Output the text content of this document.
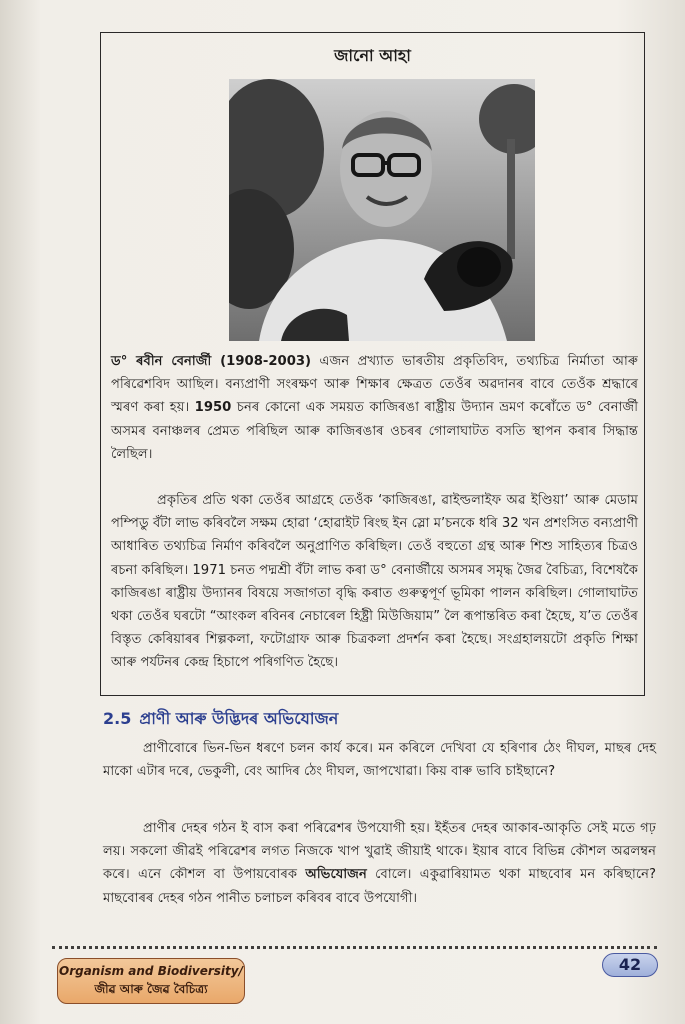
জানো আহা

ড° ৰবীন বেনাৰ্জী (1908-2003) এজন প্ৰখ্যাত ভাৰতীয় প্ৰকৃতিবিদ, তথ্যচিত্ৰ নিৰ্মাতা আৰু পৰিৱেশবিদ আছিল। বন্যপ্ৰাণী সংৰক্ষণ আৰু শিক্ষাৰ ক্ষেত্ৰত তেওঁৰ অৱদানৰ বাবে তেওঁক শ্ৰদ্ধাৰে স্মৰণ কৰা হয়। 1950 চনৰ কোনো এক সময়ত কাজিৰঙা ৰাষ্ট্ৰীয় উদ্যান ভ্ৰমণ কৰোঁতে ড° বেনাৰ্জী অসমৰ বনাঞ্চলৰ প্ৰেমত পৰিছিল আৰু কাজিৰঙাৰ ওচৰৰ গোলাঘাটত বসতি স্থাপন কৰাৰ সিদ্ধান্ত লৈছিল।

প্ৰকৃতিৰ প্ৰতি থকা তেওঁৰ আগ্ৰহে তেওঁক ‘কাজিৰঙা, ৱাইল্ডলাইফ অৱ ইণ্ডিয়া’ আৰু মেডাম পম্পিডু বঁটা লাভ কৰিবলৈ সক্ষম হোৱা ‘হোৱাইট ৰিংছ ইন স্লো ম’চনকে ধৰি 32 খন প্ৰশংসিত বন্যপ্ৰাণী আধাৰিত তথ্যচিত্ৰ নিৰ্মাণ কৰিবলৈ অনুপ্ৰাণিত কৰিছিল। তেওঁ বহুতো গ্ৰন্থ আৰু শিশু সাহিত্যৰ চিত্ৰও ৰচনা কৰিছিল। 1971 চনত পদ্মশ্ৰী বঁটা লাভ কৰা ড° বেনাৰ্জীয়ে অসমৰ সমৃদ্ধ জৈৱ বৈচিত্ৰ্য, বিশেষকৈ কাজিৰঙা ৰাষ্ট্ৰীয় উদ্যানৰ বিষয়ে সজাগতা বৃদ্ধি কৰাত গুৰুত্বপূৰ্ণ ভূমিকা পালন কৰিছিল। গোলাঘাটত থকা তেওঁৰ ঘৰটো “আংকল ৰবিনৰ নেচাৰেল হিষ্ট্ৰী মিউজিয়াম” লৈ ৰূপান্তৰিত কৰা হৈছে, য’ত তেওঁৰ বিস্তৃত কেৰিয়াৰৰ শিল্পকলা, ফটোগ্ৰাফ আৰু চিত্ৰকলা প্ৰদৰ্শন কৰা হৈছে। সংগ্ৰহালয়টো প্ৰকৃতি শিক্ষা আৰু পৰ্যটনৰ কেন্দ্ৰ হিচাপে পৰিগণিত হৈছে।

2.5 প্ৰাণী আৰু উদ্ভিদৰ অভিযোজন

প্ৰাণীবোৰে ভিন-ভিন ধৰণে চলন কাৰ্য কৰে। মন কৰিলে দেখিবা যে হৰিণাৰ ঠেং দীঘল, মাছৰ দেহ মাকো এটাৰ দৰে, ভেকুলী, বেং আদিৰ ঠেং দীঘল, জাপখোৱা। কিয় বাৰু ভাবি চাইছানে?

প্ৰাণীৰ দেহৰ গঠন ই বাস কৰা পৰিৱেশৰ উপযোগী হয়। ইহঁতৰ দেহৰ আকাৰ-আকৃতি সেই মতে গঢ় লয়। সকলো জীৱই পৰিৱেশৰ লগত নিজকে খাপ খুৱাই জীয়াই থাকে। ইয়াৰ বাবে বিভিন্ন কৌশল অৱলম্বন কৰে। এনে কৌশল বা উপায়বোৰক অভিযোজন বোলে। একুৱাৰিয়ামত থকা মাছবোৰ মন কৰিছানে? মাছবোৰৰ দেহৰ গঠন পানীত চলাচল কৰিবৰ বাবে উপযোগী।

Organism and Biodiversity/
জীৱ আৰু জৈৱ বৈচিত্ৰ্য
42
